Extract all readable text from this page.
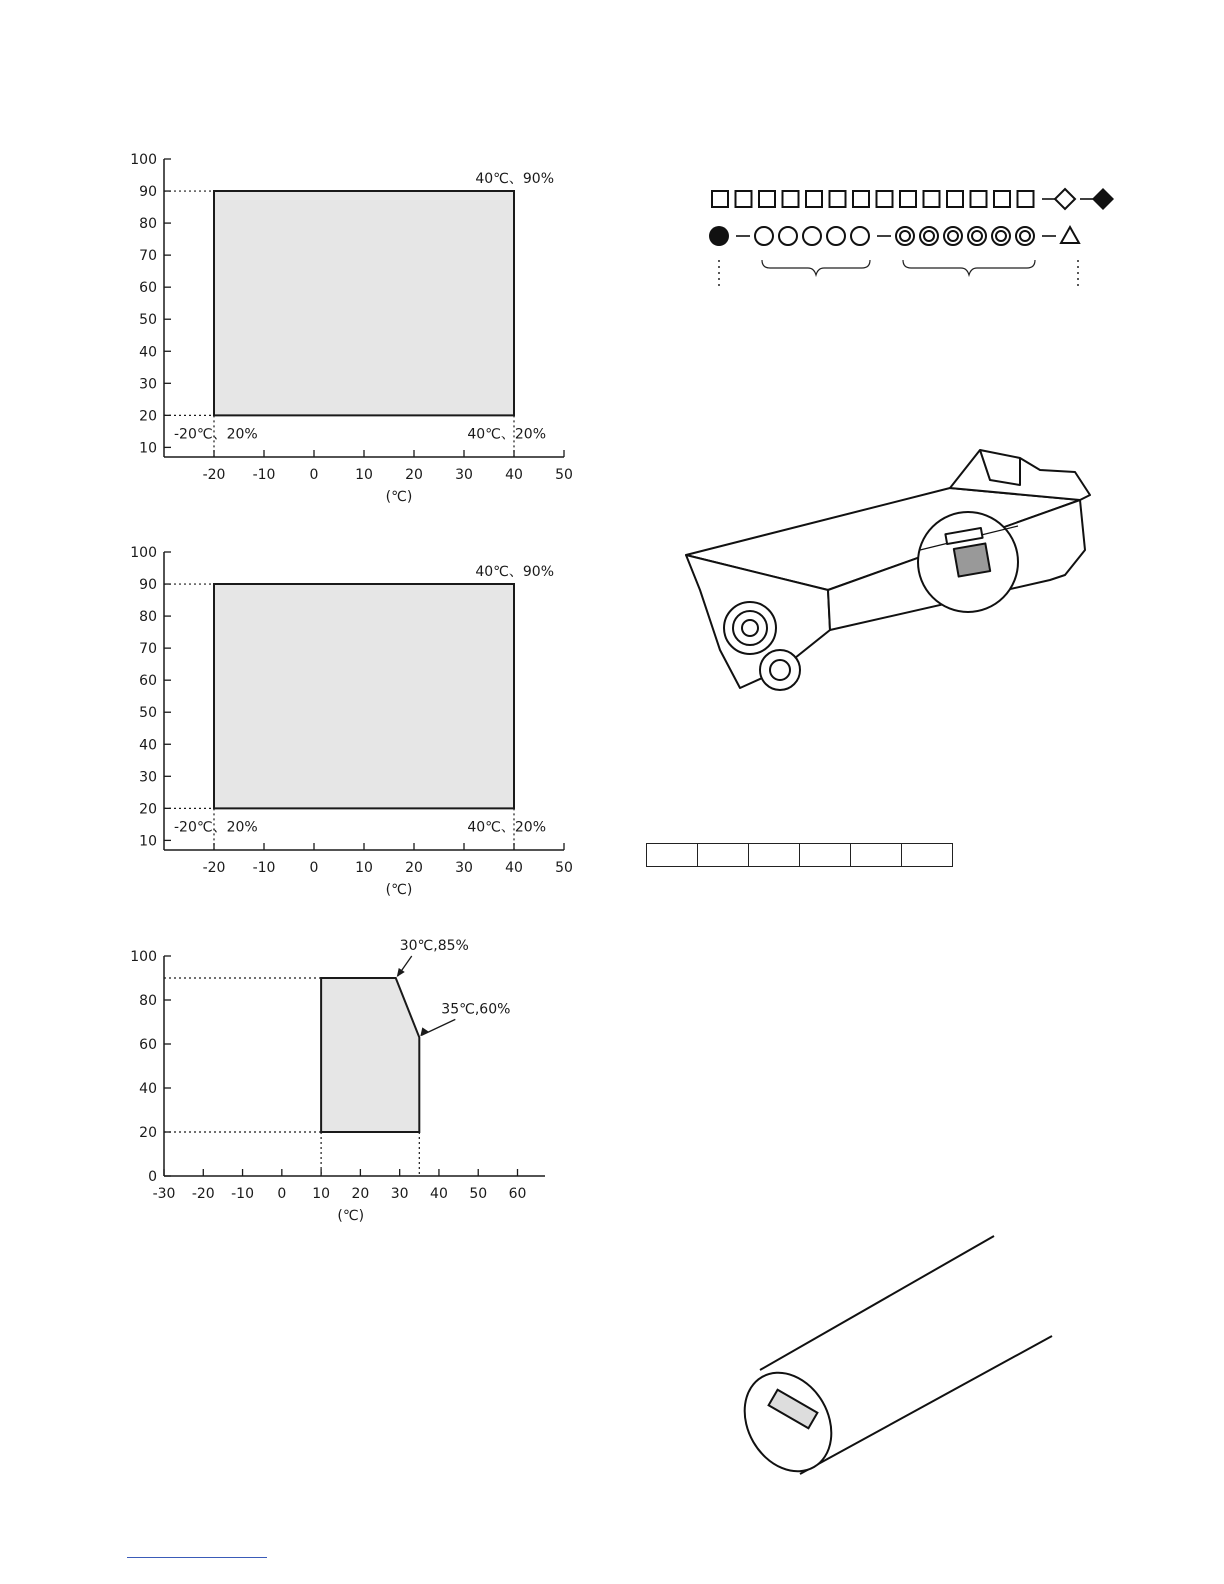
10
20
30
40
50
60
70
80
90
100
-20 -10 0	10 20 30 40 50
(℃)
40℃、90%
-20℃、20%	40℃、20%
10
20
30
40
50
60
70
80
90
100
-20 -10 0	10 20 30 40 50
(℃)
40℃、90%
-20℃、20%	40℃、20%
0
20
40
60
80
100
-30 -20 -10 0 10 20 30 40 50 60
(℃)
30℃,85%
35℃,60%
